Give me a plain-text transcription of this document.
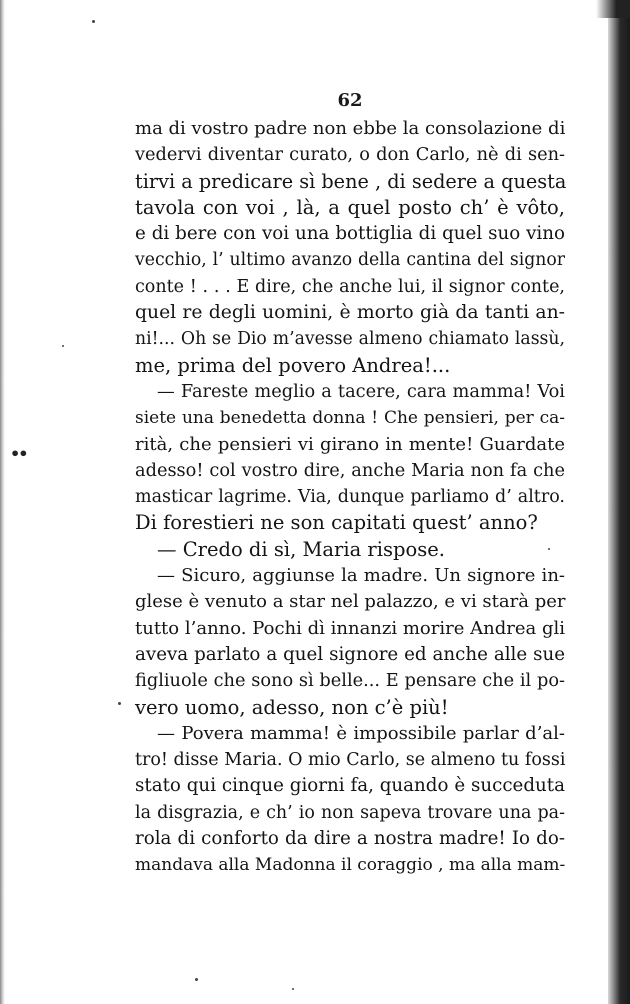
62
••
ma di vostro padre non ebbe la consolazione di
vedervi diventar curato, o don Carlo, nè di sen-
tirvi a predicare sì bene , di sedere a questa
tavola con voi , là, a quel posto ch’ è vôto,
e di bere con voi una bottiglia di quel suo vino
vecchio, l’ ultimo avanzo della cantina del signor
conte ! . . . E dire, che anche lui, il signor conte,
quel re degli uomini, è morto già da tanti an-
ni!... Oh se Dio m’avesse almeno chiamato lassù,
me, prima del povero Andrea!...
— Fareste meglio a tacere, cara mamma! Voi
siete una benedetta donna ! Che pensieri, per ca-
rità, che pensieri vi girano in mente! Guardate
adesso! col vostro dire, anche Maria non fa che
masticar lagrime. Via, dunque parliamo d’ altro.
Di forestieri ne son capitati quest’ anno?
— Credo di sì, Maria rispose.
— Sicuro, aggiunse la madre. Un signore in-
glese è venuto a star nel palazzo, e vi starà per
tutto l’anno. Pochi dì innanzi morire Andrea gli
aveva parlato a quel signore ed anche alle sue
figliuole che sono sì belle... E pensare che il po-
vero uomo, adesso, non c’è più!
— Povera mamma! è impossibile parlar d’al-
tro! disse Maria. O mio Carlo, se almeno tu fossi
stato qui cinque giorni fa, quando è succeduta
la disgrazia, e ch’ io non sapeva trovare una pa-
rola di conforto da dire a nostra madre! Io do-
mandava alla Madonna il coraggio , ma alla mam-
